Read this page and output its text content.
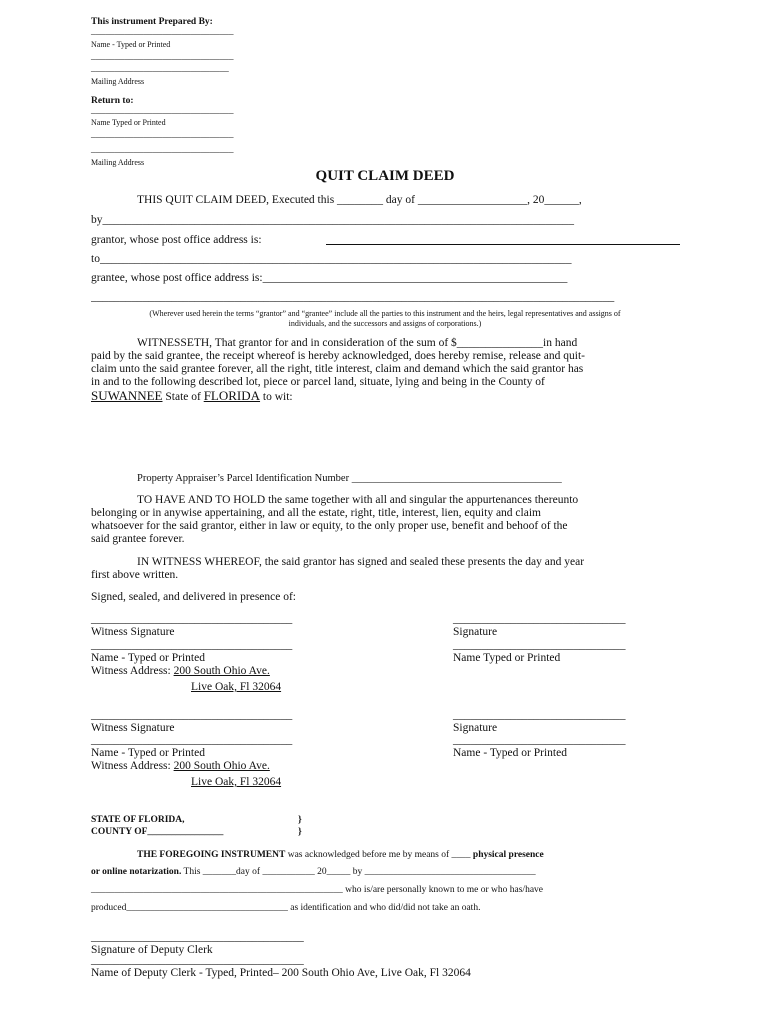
This instrument Prepared By:
______________________________
Name - Typed or Printed
______________________________
_____________________________
Mailing Address
Return to:
______________________________
Name Typed or Printed
______________________________
______________________________
Mailing Address
QUIT CLAIM DEED
THIS QUIT CLAIM DEED, Executed this ________ day of ___________________, 20______,
by__________________________________________________________________________________
grantor, whose post office address is:
to__________________________________________________________________________________
grantee, whose post office address is:_____________________________________________________
___________________________________________________________________________________________
(Wherever used herein the terms “grantor” and “grantee” include all the parties to this instrument and the heirs, legal representatives and assigns of individuals, and the successors and assigns of corporations.)
WITNESSETH, That grantor for and in consideration of the sum of $_______________in hand
paid by the said grantee, the receipt whereof is hereby acknowledged, does hereby remise, release and quit-
claim unto the said grantee forever, all the right, title interest, claim and demand which the said grantor has
in and to the following described lot, piece or parcel land, situate, lying and being in the County of
SUWANNEE State of FLORIDA to wit:
Property Appraiser’s Parcel Identification Number ________________________________________
TO HAVE AND TO HOLD the same together with all and singular the appurtenances thereunto
belonging or in anywise appertaining, and all the estate, right, title, interest, lien, equity and claim
whatsoever for the said grantor, either in law or equity, to the only proper use, benefit and behoof of the
said grantee forever.
IN WITNESS WHEREOF, the said grantor has signed and sealed these presents the day and year
first above written.
Signed, sealed, and delivered in presence of:
___________________________________	______________________________
Witness Signature	Signature
___________________________________	______________________________
Name - Typed or Printed	Name Typed or Printed
Witness Address: 200 South Ohio Ave.
Live Oak, Fl 32064
___________________________________	______________________________
Witness Signature	Signature
___________________________________	______________________________
Name - Typed or Printed	Name - Typed or Printed
Witness Address: 200 South Ohio Ave.
Live Oak, Fl 32064
STATE OF FLORIDA,	}
COUNTY OF________________	}
THE FOREGOING INSTRUMENT was acknowledged before me by means of ____ physical presence
or online notarization. This _______day of ___________ 20_____ by ____________________________________
_____________________________________________________ who is/are personally known to me or who has/have
produced__________________________________ as identification and who did/did not take an oath.
_____________________________________
Signature of Deputy Clerk
_____________________________________
Name of Deputy Clerk - Typed, Printed– 200 South Ohio Ave, Live Oak, Fl 32064
